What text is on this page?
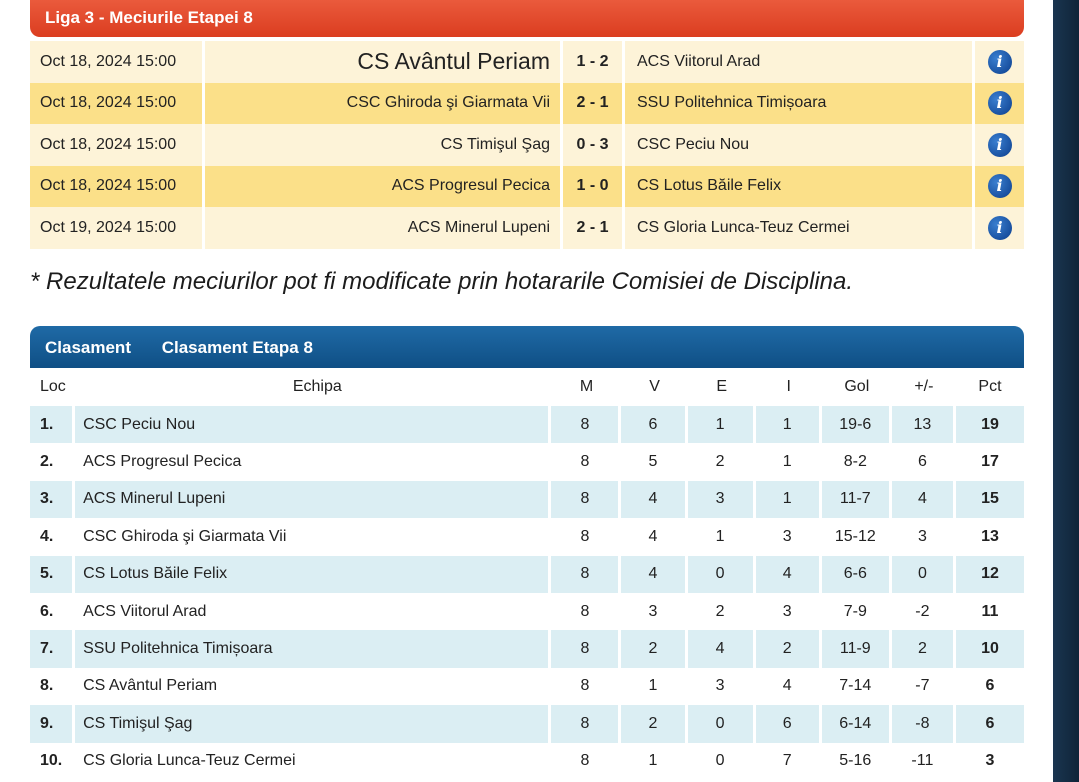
Liga 3 - Meciurile Etapei 8
Oct 18, 2024 15:00	CS Avântul Periam	1 - 2	ACS Viitorul Arad	i
Oct 18, 2024 15:00	CSC Ghiroda şi Giarmata Vii	2 - 1	SSU Politehnica Timișoara	i
Oct 18, 2024 15:00	CS Timişul Şag	0 - 3	CSC Peciu Nou	i
Oct 18, 2024 15:00	ACS Progresul Pecica	1 - 0	CS Lotus Băile Felix	i
Oct 19, 2024 15:00	ACS Minerul Lupeni	2 - 1	CS Gloria Lunca-Teuz Cermei	i
* Rezultatele meciurilor pot fi modificate prin hotararile Comisiei de Disciplina.
Clasament Clasament Etapa 8
Loc	Echipa	M	V	E	I	Gol	+/-	Pct
1.	CSC Peciu Nou	8	6	1	1	19-6	13	19
2.	ACS Progresul Pecica	8	5	2	1	8-2	6	17
3.	ACS Minerul Lupeni	8	4	3	1	11-7	4	15
4.	CSC Ghiroda şi Giarmata Vii	8	4	1	3	15-12	3	13
5.	CS Lotus Băile Felix	8	4	0	4	6-6	0	12
6.	ACS Viitorul Arad	8	3	2	3	7-9	-2	11
7.	SSU Politehnica Timișoara	8	2	4	2	11-9	2	10
8.	CS Avântul Periam	8	1	3	4	7-14	-7	6
9.	CS Timişul Şag	8	2	0	6	6-14	-8	6
10.	CS Gloria Lunca-Teuz Cermei	8	1	0	7	5-16	-11	3
